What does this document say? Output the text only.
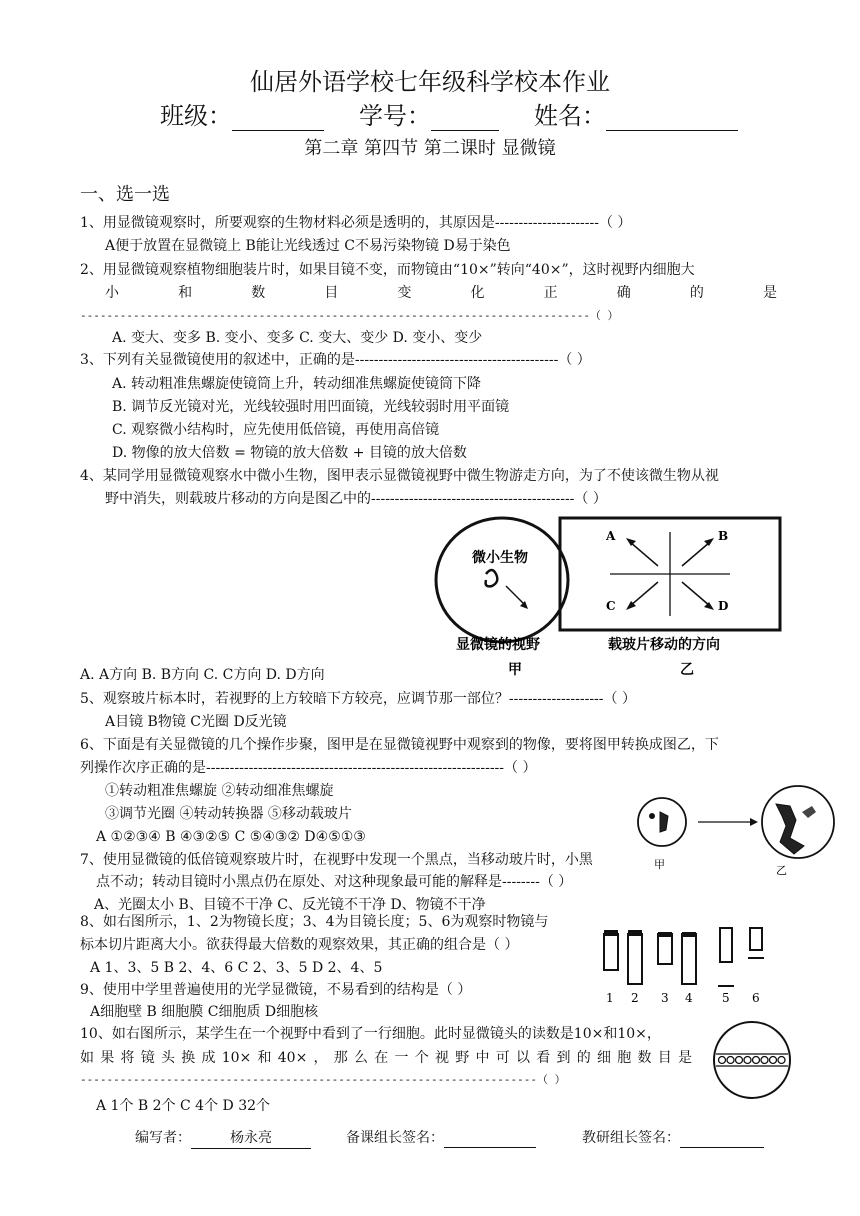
仙居外语学校七年级科学校本作业
班级：	学号：	姓名：
第二章 第四节 第二课时 显微镜
一、选一选
1、用显微镜观察时，所要观察的生物材料必须是透明的，其原因是----------------------（ ）
A便于放置在显微镜上 B能让光线透过 C不易污染物镜 D易于染色
2、用显微镜观察植物细胞装片时，如果目镜不变，而物镜由“10×”转向“40×”，这时视野内细胞大
小和数目变化正确的是
-----------------------------------------------------------------------------（ ）
A. 变大、变多 B. 变小、变多 C. 变大、变少 D. 变小、变少
3、下列有关显微镜使用的叙述中，正确的是-------------------------------------------（ ）
A. 转动粗准焦螺旋使镜筒上升，转动细准焦螺旋使镜筒下降
B. 调节反光镜对光，光线较强时用凹面镜，光线较弱时用平面镜
C. 观察微小结构时，应先使用低倍镜，再使用高倍镜
D. 物像的放大倍数 = 物镜的放大倍数 + 目镜的放大倍数
4、某同学用显微镜观察水中微小生物，图甲表示显微镜视野中微生物游走方向，为了不使该微生物从视
野中消失，则载玻片移动的方向是图乙中的-------------------------------------------（ ）
微小生物
显微镜的视野
甲
A	B
C	D
载玻片移动的方向
乙
A. A方向 B. B方向 C. C方向 D. D方向
5、观察玻片标本时，若视野的上方较暗下方较亮，应调节那一部位？--------------------（ ）
A目镜 B物镜 C光圈 D反光镜
6、下面是有关显微镜的几个操作步聚，图甲是在显微镜视野中观察到的物像，要将图甲转换成图乙，下
列操作次序正确的是---------------------------------------------------------------（ ）
①转动粗准焦螺旋 ②转动细准焦螺旋
③调节光圈 ④转动转换器 ⑤移动载玻片
A ①②③④ B ④③②⑤ C ⑤④③② D④⑤①③
甲	乙
7、使用显微镜的低倍镜观察玻片时，在视野中发现一个黑点，当移动玻片时，小黑
点不动；转动目镜时小黑点仍在原处、对这种现象最可能的解释是--------（ ）
A、光圈太小 B、目镜不干净 C、反光镜不干净 D、物镜不干净
8、如右图所示，1、2为物镜长度；3、4为目镜长度；5、6为观察时物镜与
标本切片距离大小。欲获得最大倍数的观察效果，其正确的组合是（ ）
A 1、3、5 B 2、4、6 C 2、3、5 D 2、4、5
1 2 3 4 5 6
9、使用中学里普遍使用的光学显微镜，不易看到的结构是（ ）
A细胞壁 B 细胞膜 C细胞质 D细胞核
10、如右图所示，某学生在一个视野中看到了一行细胞。此时显微镜头的读数是10×和10×，
如果将镜头换成10×和40×，那么在一个视野中可以看到的细胞数目是
---------------------------------------------------------------------（ ）
A 1个 B 2个 C 4个 D 32个
编写者：	杨永亮	备课组长签名：	教研组长签名：
